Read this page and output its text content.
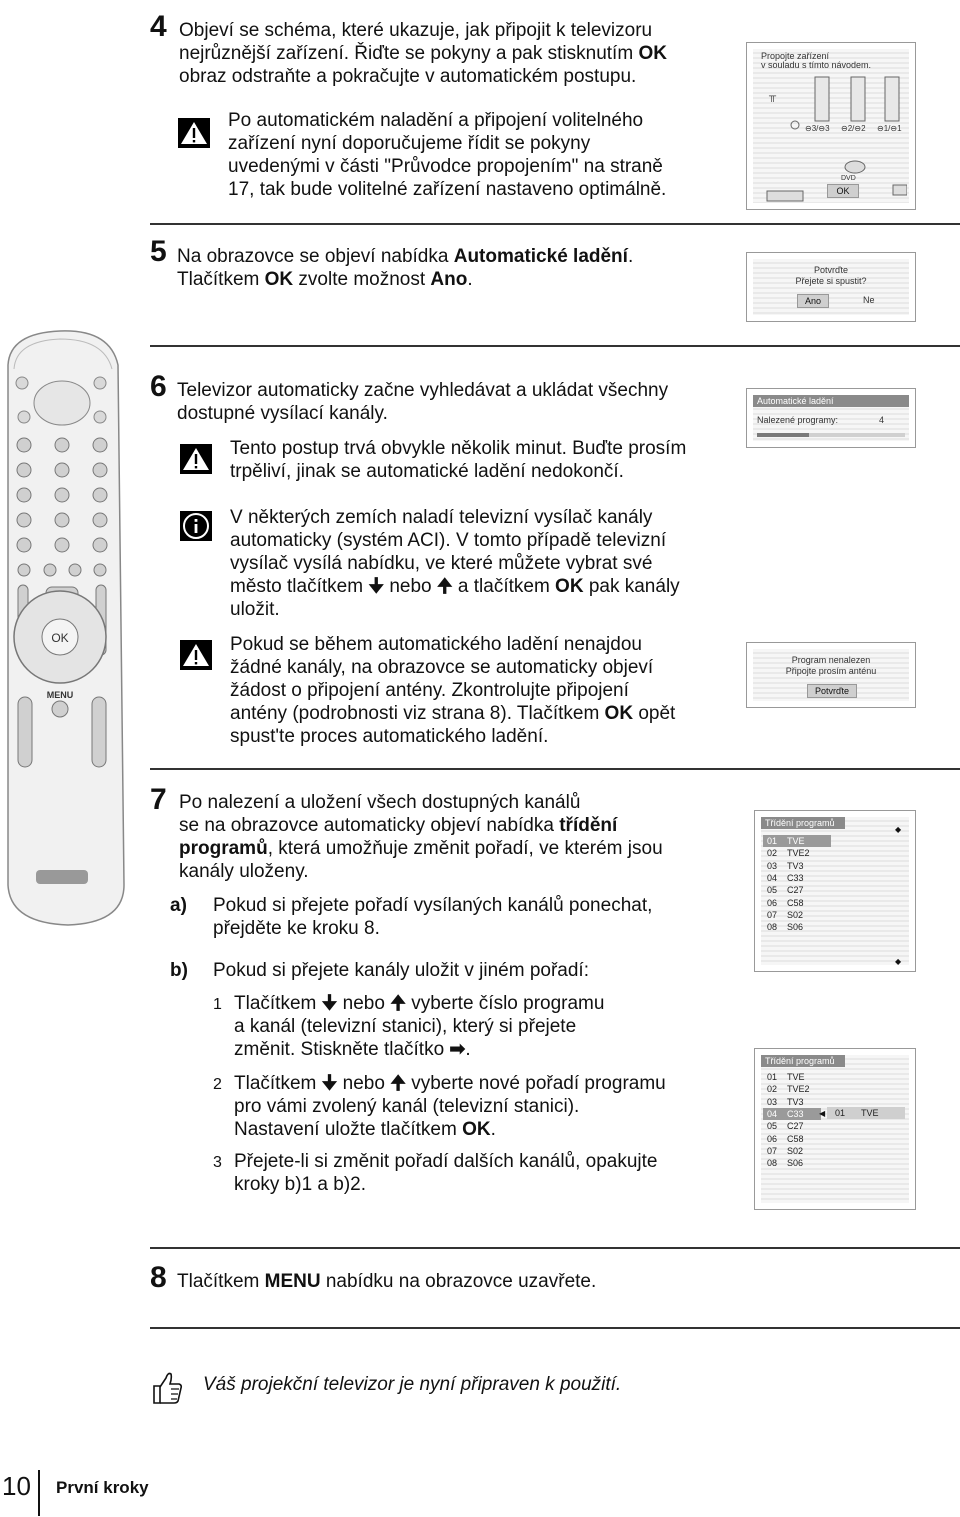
OK
MENU
4 Objeví se schéma, které ukazuje, jak připojit k televizoru
nejrůznější zařízení. Řiďte se pokyny a pak stisknutím OK
obraz odstraňte a pokračujte v automatickém postupu.
Po automatickém naladění a připojení volitelného
zařízení nyní doporučujeme řídit se pokyny
uvedenými v části "Průvodce propojením" na straně
17, tak bude volitelné zařízení nastaveno optimálně.
Propojte zařízení
v souladu s tímto návodem.
╥
⊖3/⊖3 ⊖2/⊖2 ⊖1/⊖1
DVD
OK
5 Na obrazovce se objeví nabídka Automatické ladění.
Tlačítkem OK zvolte možnost Ano.	Potvrďte
Přejete si spustit?
Ano	Ne
6 Televizor automaticky začne vyhledávat a ukládat všechny
dostupné vysílací kanály.
Tento postup trvá obvykle několik minut. Buďte prosím
trpěliví, jinak se automatické ladění nedokončí.
V některých zemích naladí televizní vysílač kanály
automaticky (systém ACI). V tomto případě televizní
vysílač vysílá nabídku, ve které můžete vybrat své
město tlačítkem 🠋 nebo 🠉 a tlačítkem OK pak kanály
uložit.
Pokud se během automatického ladění nenajdou
žádné kanály, na obrazovce se automaticky objeví
žádost o připojení antény. Zkontrolujte připojení
antény (podrobnosti viz strana 8). Tlačítkem OK opět
spust'te proces automatického ladění.
Automatické ladění
Nalezené programy:	4
Program nenalezen
Připojte prosím anténu
Potvrďte
7 Po nalezení a uložení všech dostupných kanálů
se na obrazovce automaticky objeví nabídka třídění
programů, která umožňuje změnit pořadí, ve kterém jsou
kanály uloženy.
a) Pokud si přejete pořadí vysílaných kanálů ponechat,
přejděte ke kroku 8.
b) Pokud si přejete kanály uložit v jiném pořadí:
1 Tlačítkem 🠋 nebo 🠉 vyberte číslo programu
a kanál (televizní stanici), který si přejete
změnit. Stiskněte tlačítko ➡.
2 Tlačítkem 🠋 nebo 🠉 vyberte nové pořadí programu
pro vámi zvolený kanál (televizní stanici).
Nastavení uložte tlačítkem OK.
3 Přejete-li si změnit pořadí dalších kanálů, opakujte
kroky b)1 a b)2.
Třídění programů
◆
01 TVE
02 TVE2
03 TV3
04 C33
05 C27
06 C58
07 S02
08 S06
◆
Třídění programů
01 TVE
02 TVE2
03 TV3
04 C33
05 C27
06 C58
07 S02
08 S06
◀	01 TVE
8 Tlačítkem MENU nabídku na obrazovce uzavřete.
Váš projekční televizor je nyní připraven k použití.
10 První kroky
